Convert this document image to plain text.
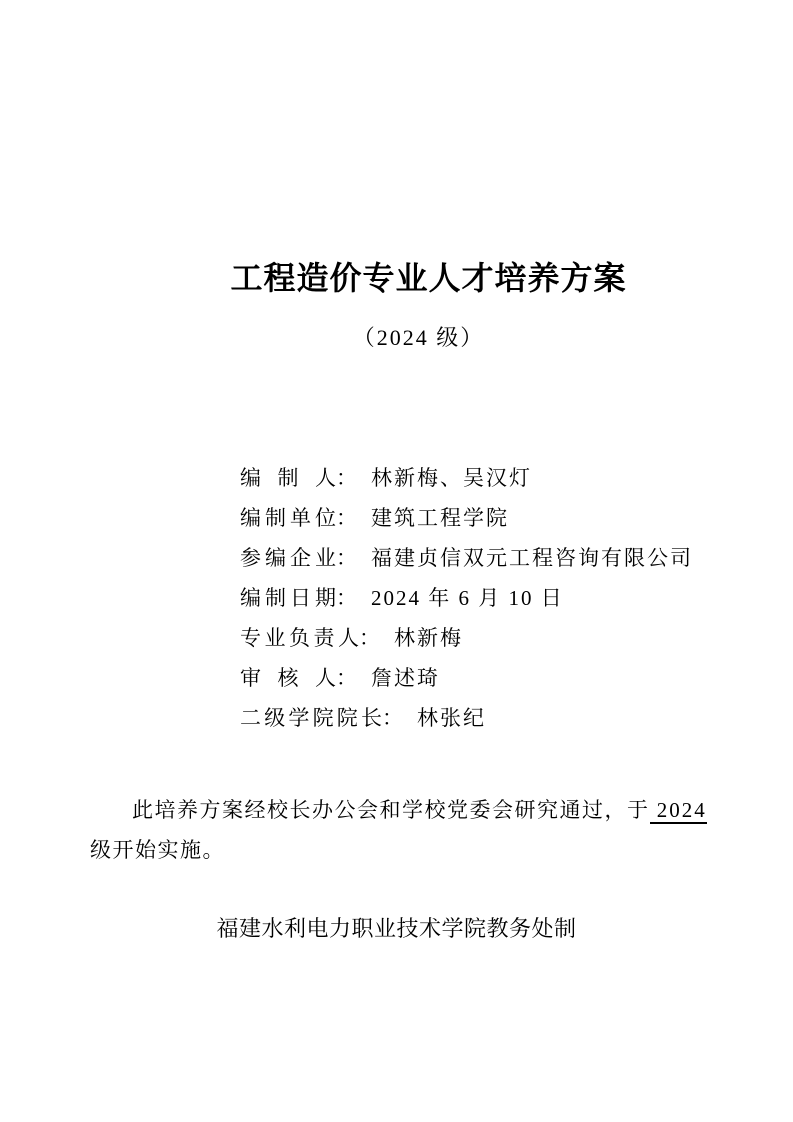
工程造价专业人才培养方案
（2024 级）
编制人： 林新梅、吴汉灯
编制单位： 建筑工程学院
参编企业： 福建贞信双元工程咨询有限公司
编制日期： 2024 年 6 月 10 日
专业负责人： 林新梅
审核人： 詹述琦
二级学院院长： 林张纪
此培养方案经校长办公会和学校党委会研究通过，于 2024
级开始实施。
福建水利电力职业技术学院教务处制
